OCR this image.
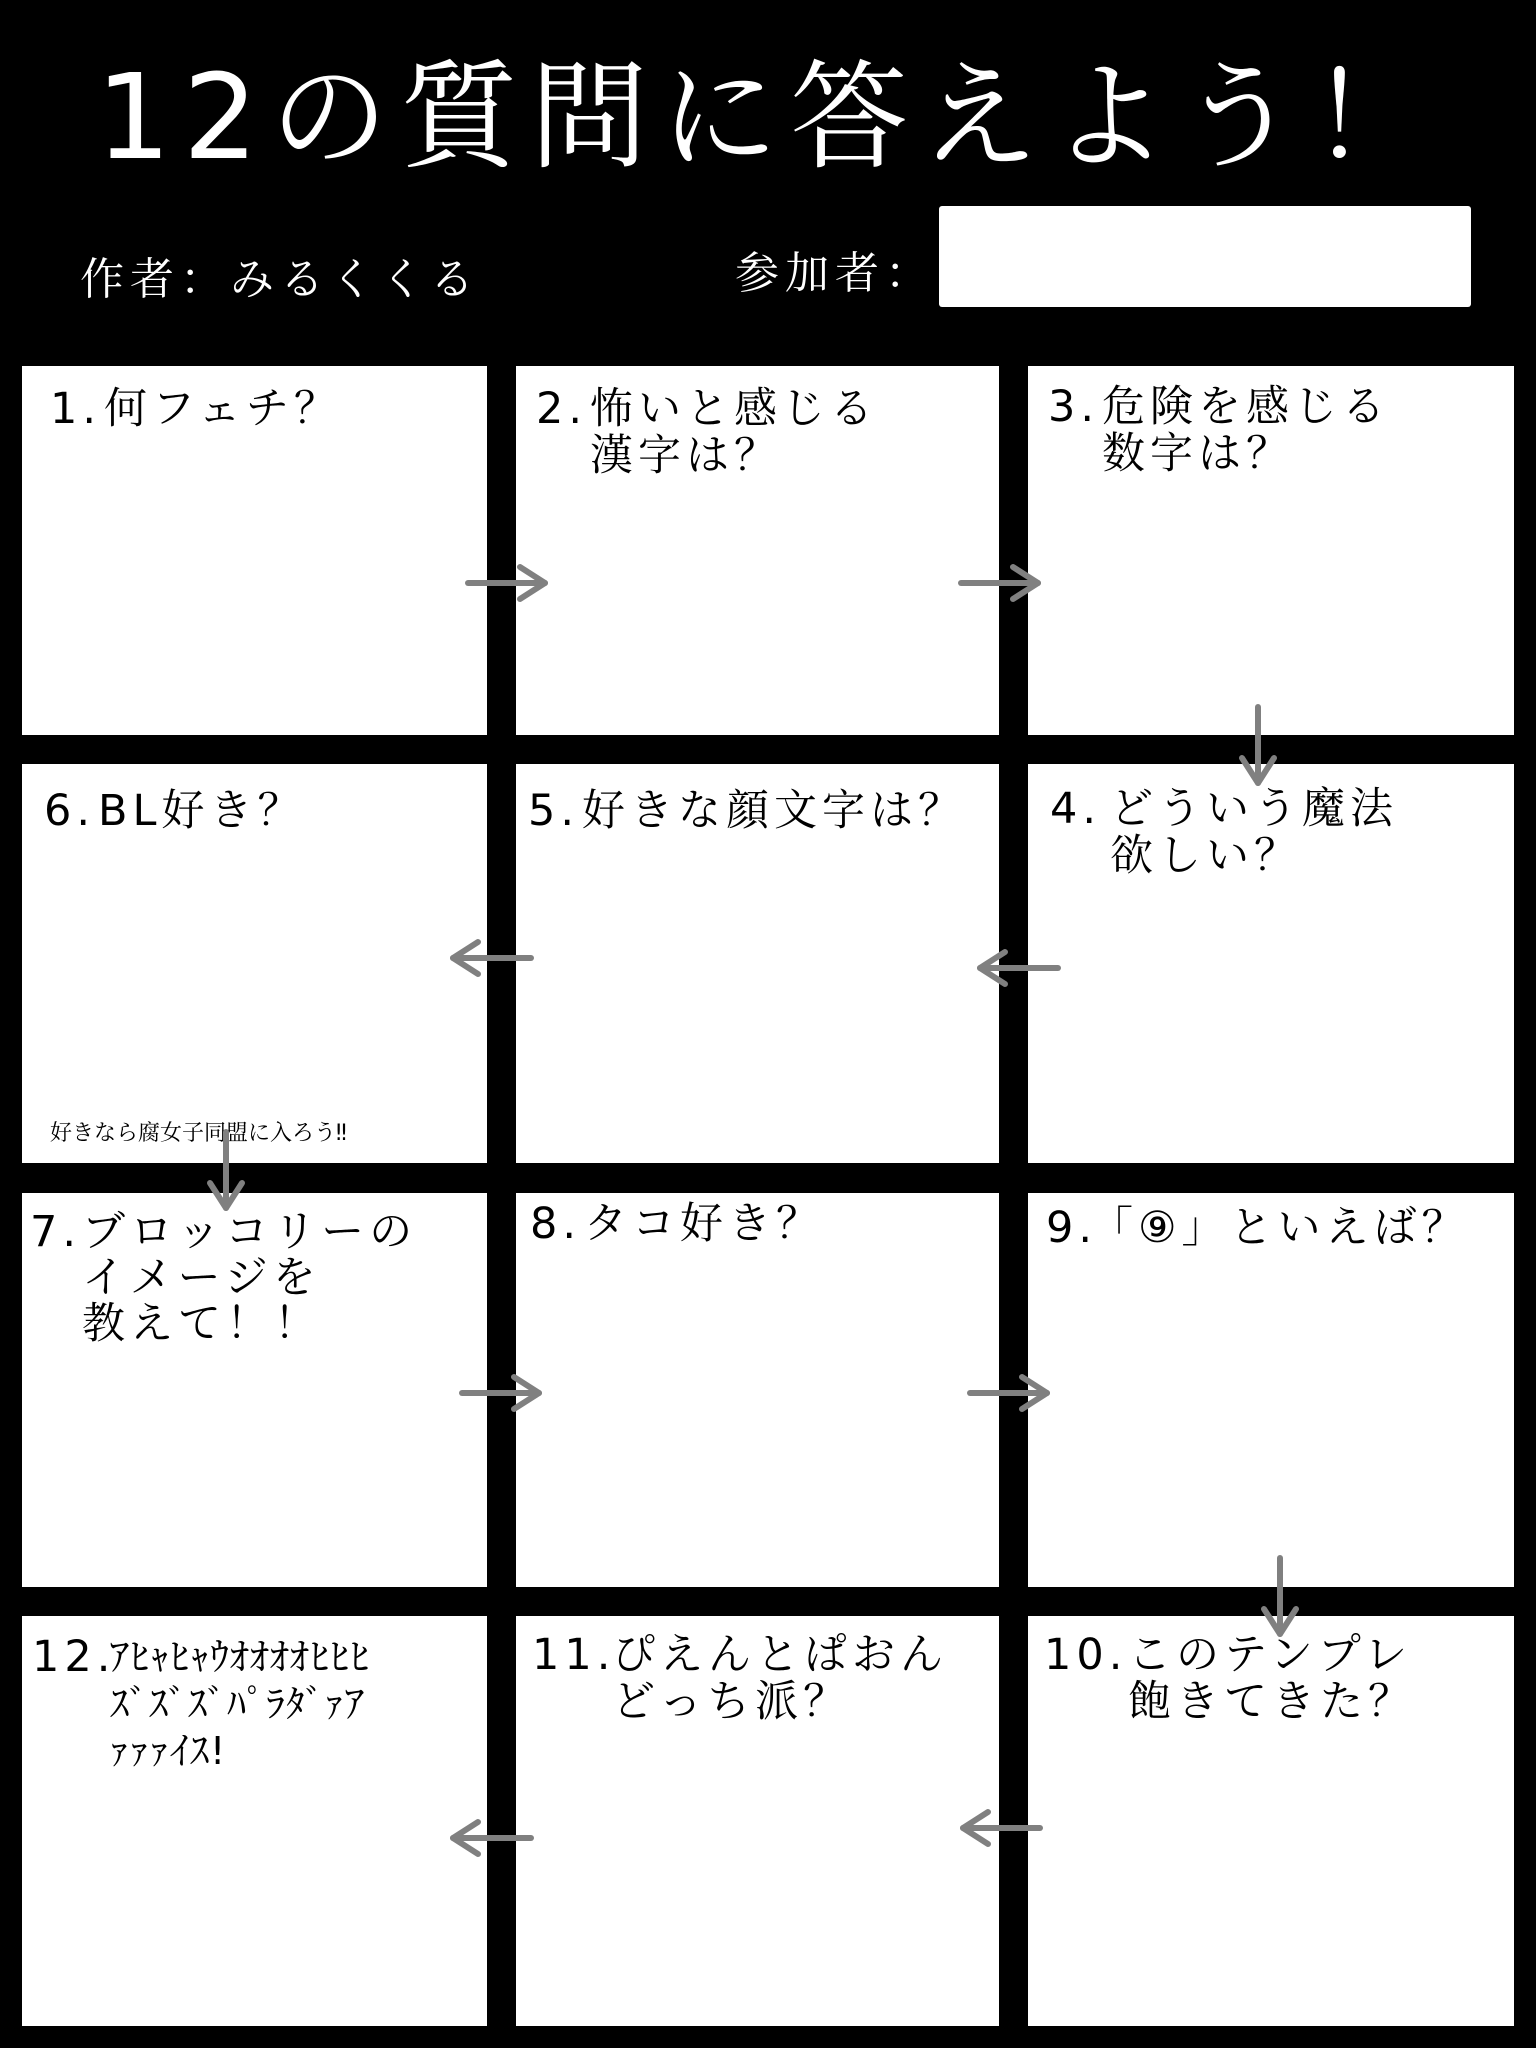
12の質問に答えよう！
作者：みるくくる	参加者：
1. 何フェチ？	2. 怖いと感じる
漢字は？
3. 危険を感じる
数字は？
6. BL好き？
好きなら腐女子同盟に入ろう‼
5. 好きな顔文字は？ 4. どういう魔法
欲しい？
7. ブロッコリーの
イメージを
教えて！！
8. タコ好き？	9.
「⑨」といえば？
12.
ｱﾋｬﾋｬｳｵｵｵｵﾋﾋﾋ
ｽﾞｽﾞｽﾞﾊﾟﾗﾀﾞｧｱ
ｧｧｧｲｽ!
11.
ぴえんとぱおん
どっち派？
10. このテンプレ
飽きてきた？
